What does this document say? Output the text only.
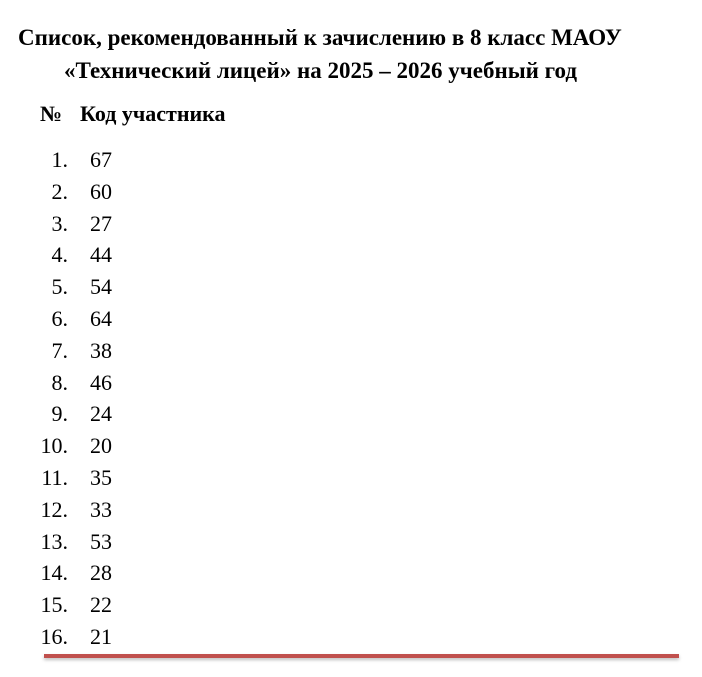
Список, рекомендованный к зачислению в 8 класс МАОУ
«Технический лицей» на 2025 – 2026 учебный год
№ Код участника
1. 67
2. 60
3. 27
4. 44
5. 54
6. 64
7. 38
8. 46
9. 24
10. 20
11. 35
12. 33
13. 53
14. 28
15. 22
16. 21
